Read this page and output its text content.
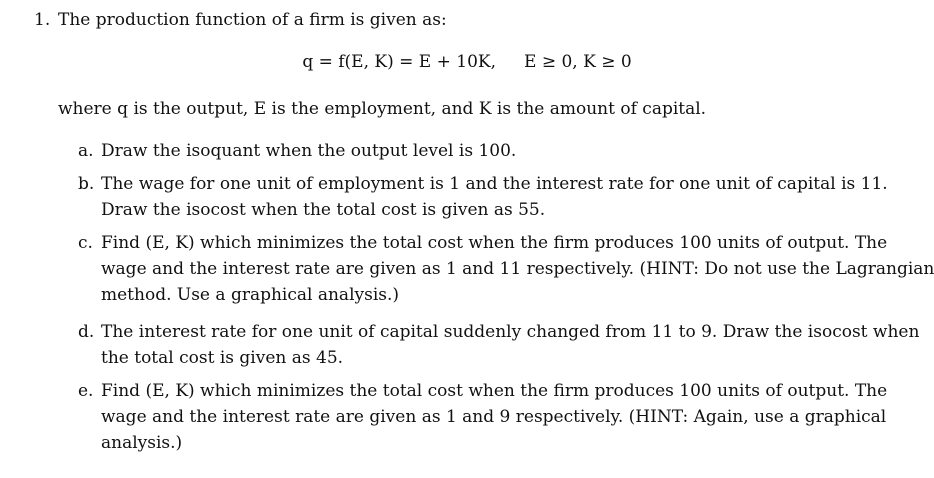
1. The production function of a firm is given as:
q = f(E, K) = E + 10K, E ≥ 0, K ≥ 0
where q is the output, E is the employment, and K is the amount of capital.
a. Draw the isoquant when the output level is 100.
b. The wage for one unit of employment is 1 and the interest rate for one unit of capital is 11.
Draw the isocost when the total cost is given as 55.
c. Find (E, K) which minimizes the total cost when the firm produces 100 units of output. The
wage and the interest rate are given as 1 and 11 respectively. (HINT: Do not use the Lagrangian
method. Use a graphical analysis.)
d. The interest rate for one unit of capital suddenly changed from 11 to 9. Draw the isocost when
the total cost is given as 45.
e. Find (E, K) which minimizes the total cost when the firm produces 100 units of output. The
wage and the interest rate are given as 1 and 9 respectively. (HINT: Again, use a graphical
analysis.)
